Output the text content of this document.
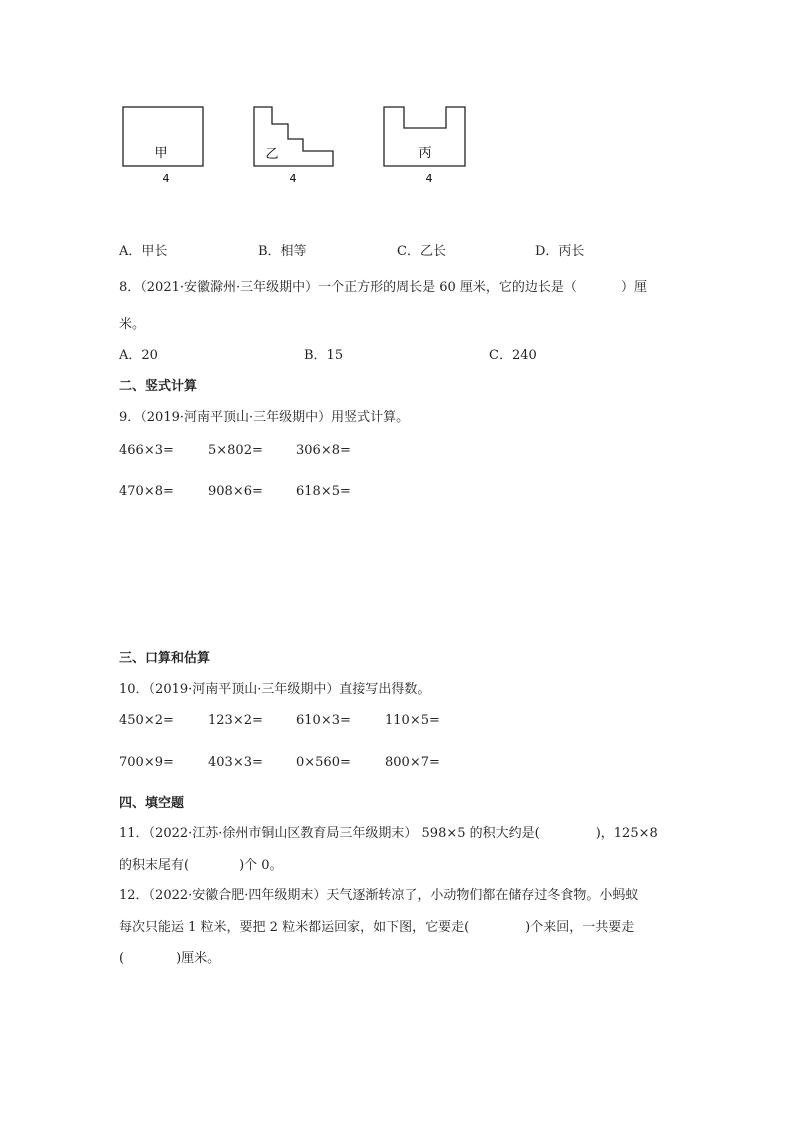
甲
4
乙
4
丙
4
A．甲长	B．相等	C．乙长	D．丙长
8．（2021·安徽滁州·三年级期中）一个正方形的周长是 60 厘米，它的边长是（	）厘
米。
A．20	B．15	C．240
二、竖式计算
9．（2019·河南平顶山·三年级期中）用竖式计算。
466×3=	5×802=	306×8=
470×8=	908×6=	618×5=
三、口算和估算
10．（2019·河南平顶山·三年级期中）直接写出得数。
450×2=	123×2=	610×3=	110×5=
700×9=	403×3=	0×560=	800×7=
四、填空题
11．（2022·江苏·徐州市铜山区教育局三年级期末） 598×5 的积大约是(	)，125×8
的积末尾有(	)个 0。
12．（2022·安徽合肥·四年级期末）天气逐渐转凉了，小动物们都在储存过冬食物。小蚂蚁
每次只能运 1 粒米，要把 2 粒米都运回家，如下图，它要走(	)个来回，一共要走
(	)厘米。
